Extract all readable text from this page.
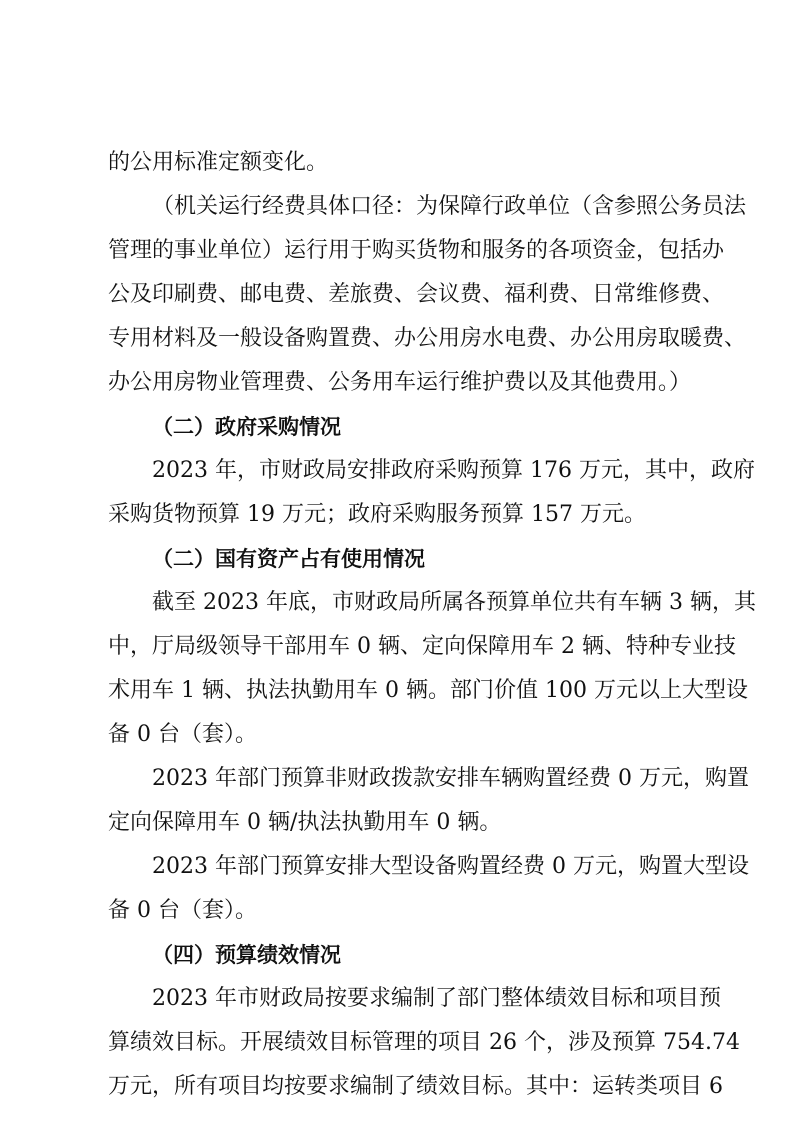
的公用标准定额变化。
（机关运行经费具体口径：为保障行政单位（含参照公务员法
管理的事业单位）运行用于购买货物和服务的各项资金，包括办
公及印刷费、邮电费、差旅费、会议费、福利费、日常维修费、
专用材料及一般设备购置费、办公用房水电费、办公用房取暖费、
办公用房物业管理费、公务用车运行维护费以及其他费用。）
（二）政府采购情况
2023 年，市财政局安排政府采购预算 176 万元，其中，政府
采购货物预算 19 万元；政府采购服务预算 157 万元。
（二）国有资产占有使用情况
截至 2023 年底，市财政局所属各预算单位共有车辆 3 辆，其
中，厅局级领导干部用车 0 辆、定向保障用车 2 辆、特种专业技
术用车 1 辆、执法执勤用车 0 辆。部门价值 100 万元以上大型设
备 0 台（套）。
2023 年部门预算非财政拨款安排车辆购置经费 0 万元，购置
定向保障用车 0 辆/执法执勤用车 0 辆。
2023 年部门预算安排大型设备购置经费 0 万元，购置大型设
备 0 台（套）。
（四）预算绩效情况
2023 年市财政局按要求编制了部门整体绩效目标和项目预
算绩效目标。开展绩效目标管理的项目 26 个，涉及预算 754.74
万元，所有项目均按要求编制了绩效目标。其中：运转类项目 6
